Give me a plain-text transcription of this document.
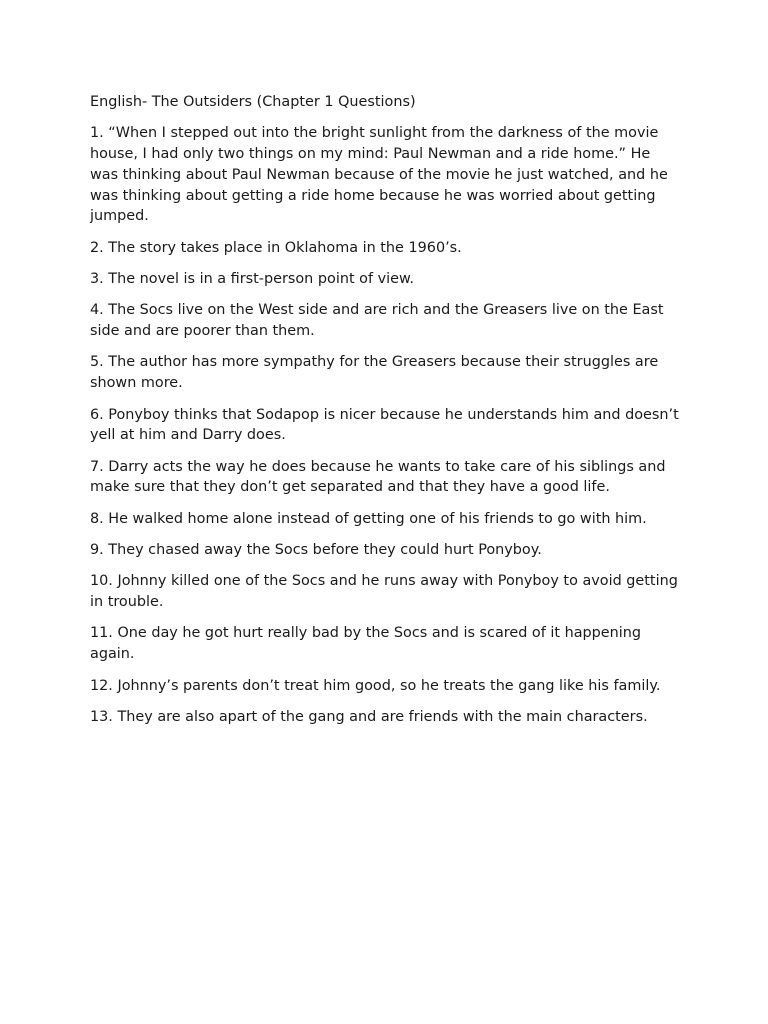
English- The Outsiders (Chapter 1 Questions)

1. “When I stepped out into the bright sunlight from the darkness of the movie house, I had only two things on my mind: Paul Newman and a ride home.” He was thinking about Paul Newman because of the movie he just watched, and he was thinking about getting a ride home because he was worried about getting jumped.
2. The story takes place in Oklahoma in the 1960’s.
3. The novel is in a first-person point of view.
4. The Socs live on the West side and are rich and the Greasers live on the East side and are poorer than them.
5. The author has more sympathy for the Greasers because their struggles are shown more.
6. Ponyboy thinks that Sodapop is nicer because he understands him and doesn’t yell at him and Darry does.
7. Darry acts the way he does because he wants to take care of his siblings and make sure that they don’t get separated and that they have a good life.
8. He walked home alone instead of getting one of his friends to go with him.
9. They chased away the Socs before they could hurt Ponyboy.
10. Johnny killed one of the Socs and he runs away with Ponyboy to avoid getting in trouble.
11. One day he got hurt really bad by the Socs and is scared of it happening again.
12. Johnny’s parents don’t treat him good, so he treats the gang like his family.
13. They are also apart of the gang and are friends with the main characters.
